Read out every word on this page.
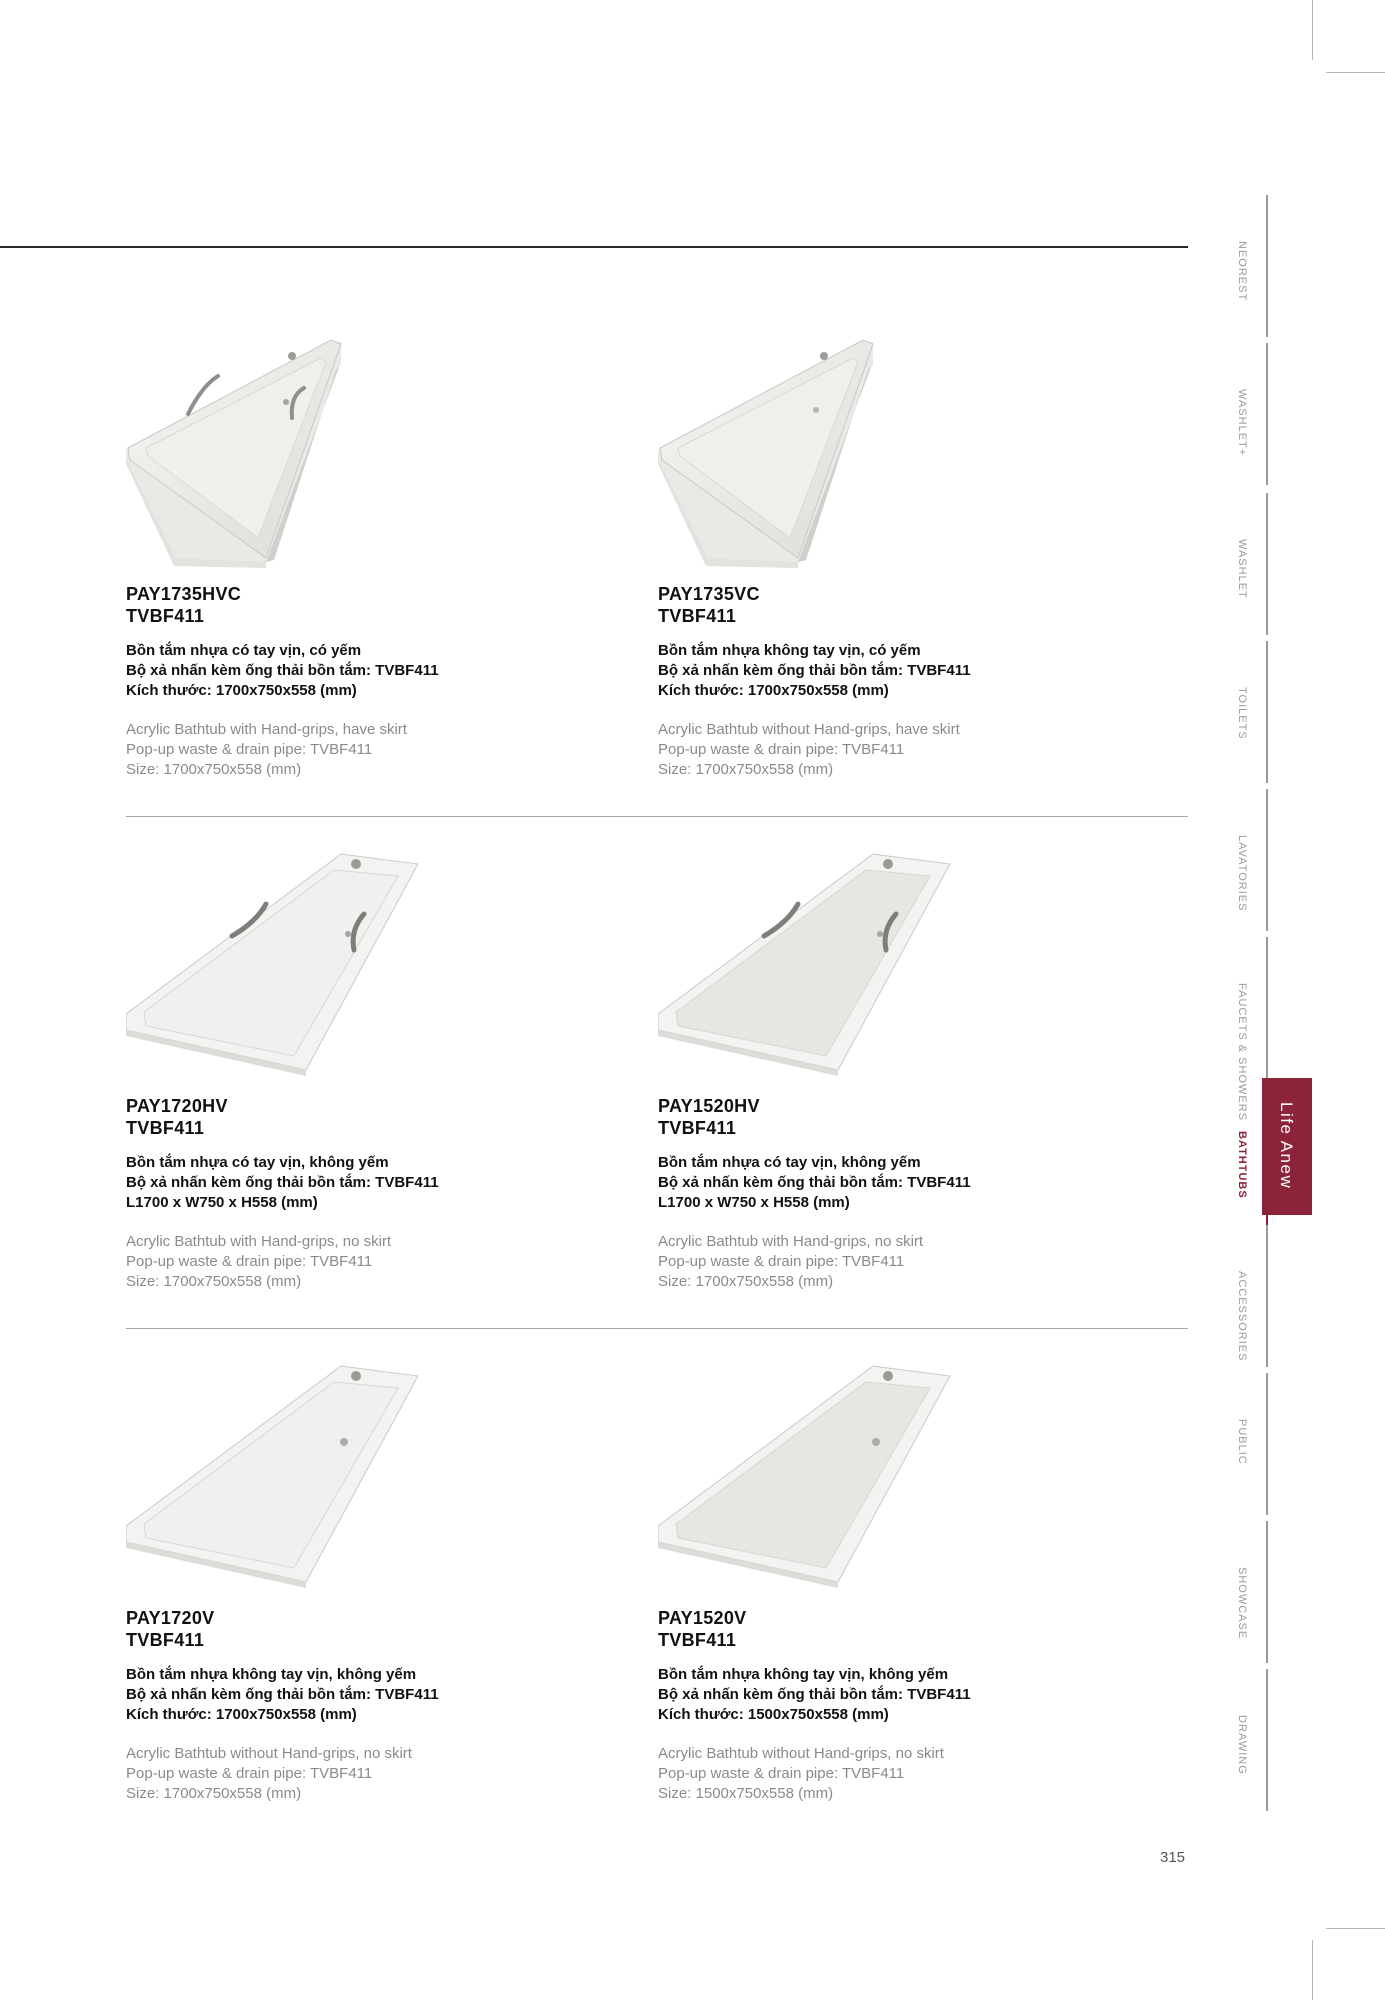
PAY1735HVC
TVBF411
Bồn tắm nhựa có tay vịn, có yếm
Bộ xả nhấn kèm ống thải bồn tắm: TVBF411
Kích thước: 1700x750x558 (mm)
Acrylic Bathtub with Hand-grips, have skirt
Pop-up waste & drain pipe: TVBF411
Size: 1700x750x558 (mm)
PAY1735VC
TVBF411
Bồn tắm nhựa không tay vịn, có yếm
Bộ xả nhấn kèm ống thải bồn tắm: TVBF411
Kích thước: 1700x750x558 (mm)
Acrylic Bathtub without Hand-grips, have skirt
Pop-up waste & drain pipe: TVBF411
Size: 1700x750x558 (mm)
PAY1720HV
TVBF411
Bồn tắm nhựa có tay vịn, không yếm
Bộ xả nhấn kèm ống thải bồn tắm: TVBF411
L1700 x W750 x H558 (mm)
Acrylic Bathtub with Hand-grips, no skirt
Pop-up waste & drain pipe: TVBF411
Size: 1700x750x558 (mm)
PAY1520HV
TVBF411
Bồn tắm nhựa có tay vịn, không yếm
Bộ xả nhấn kèm ống thải bồn tắm: TVBF411
L1700 x W750 x H558 (mm)
Acrylic Bathtub with Hand-grips, no skirt
Pop-up waste & drain pipe: TVBF411
Size: 1700x750x558 (mm)
PAY1720V
TVBF411
Bồn tắm nhựa không tay vịn, không yếm
Bộ xả nhấn kèm ống thải bồn tắm: TVBF411
Kích thước: 1700x750x558 (mm)
Acrylic Bathtub without Hand-grips, no skirt
Pop-up waste & drain pipe: TVBF411
Size: 1700x750x558 (mm)
PAY1520V
TVBF411
Bồn tắm nhựa không tay vịn, không yếm
Bộ xả nhấn kèm ống thải bồn tắm: TVBF411
Kích thước: 1500x750x558 (mm)
Acrylic Bathtub without Hand-grips, no skirt
Pop-up waste & drain pipe: TVBF411
Size: 1500x750x558 (mm)
NEOREST
WASHLET+
WASHLET
TOILETS
LAVATORIES
FAUCETS & SHOWERS
BATHTUBS
ACCESSORIES
PUBLIC
SHOWCASE
DRAWING
Life Anew
315
